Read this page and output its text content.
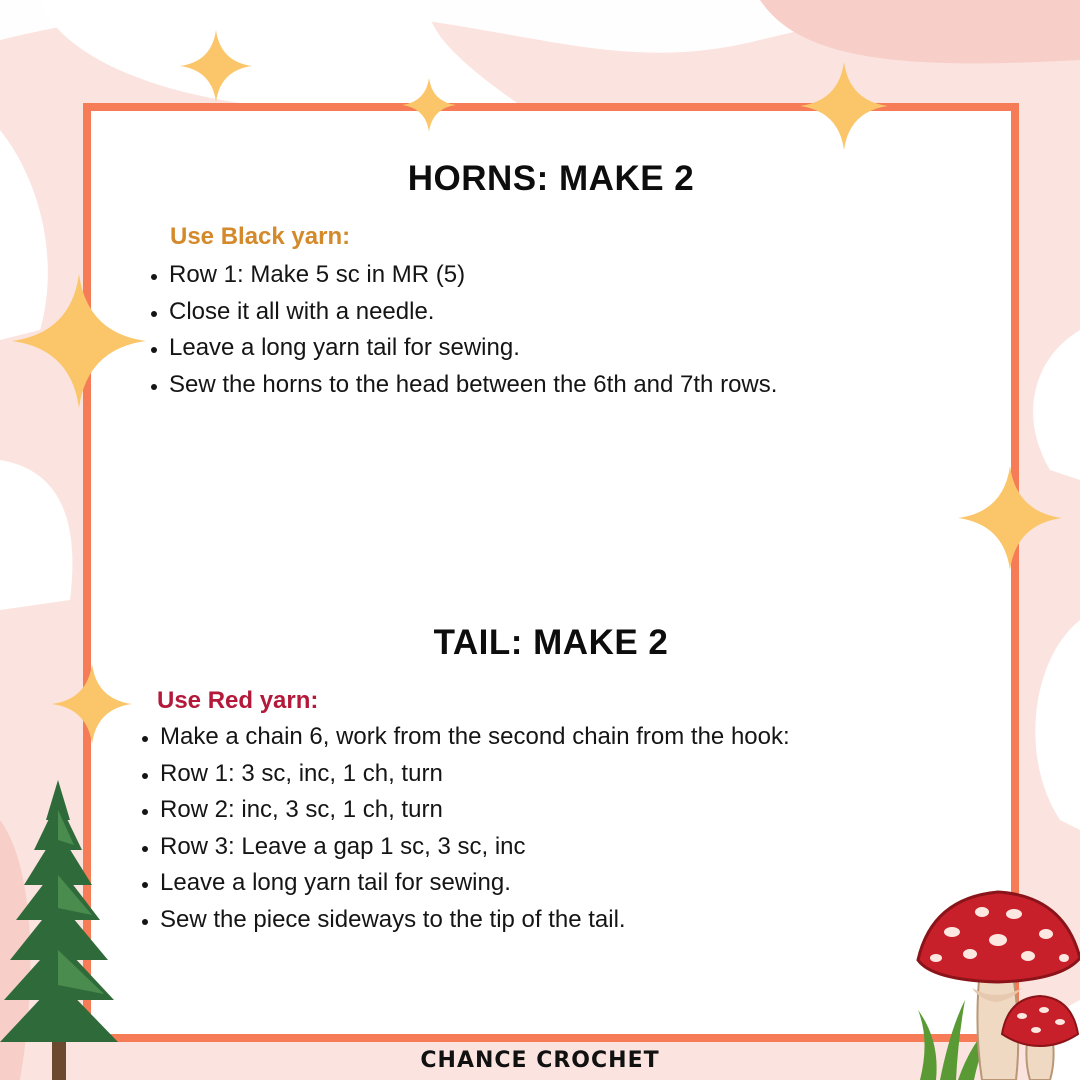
HORNS: MAKE 2
Use Black yarn:
• Row 1: Make 5 sc in MR (5)
• Close it all with a needle.
• Leave a long yarn tail for sewing.
• Sew the horns to the head between the 6th and 7th rows.
TAIL: MAKE 2
Use Red yarn:
• Make a chain 6, work from the second chain from the hook:
• Row 1: 3 sc, inc, 1 ch, turn
• Row 2: inc, 3 sc, 1 ch, turn
• Row 3: Leave a gap 1 sc, 3 sc, inc
• Leave a long yarn tail for sewing.
• Sew the piece sideways to the tip of the tail.
CHANCE CROCHET
